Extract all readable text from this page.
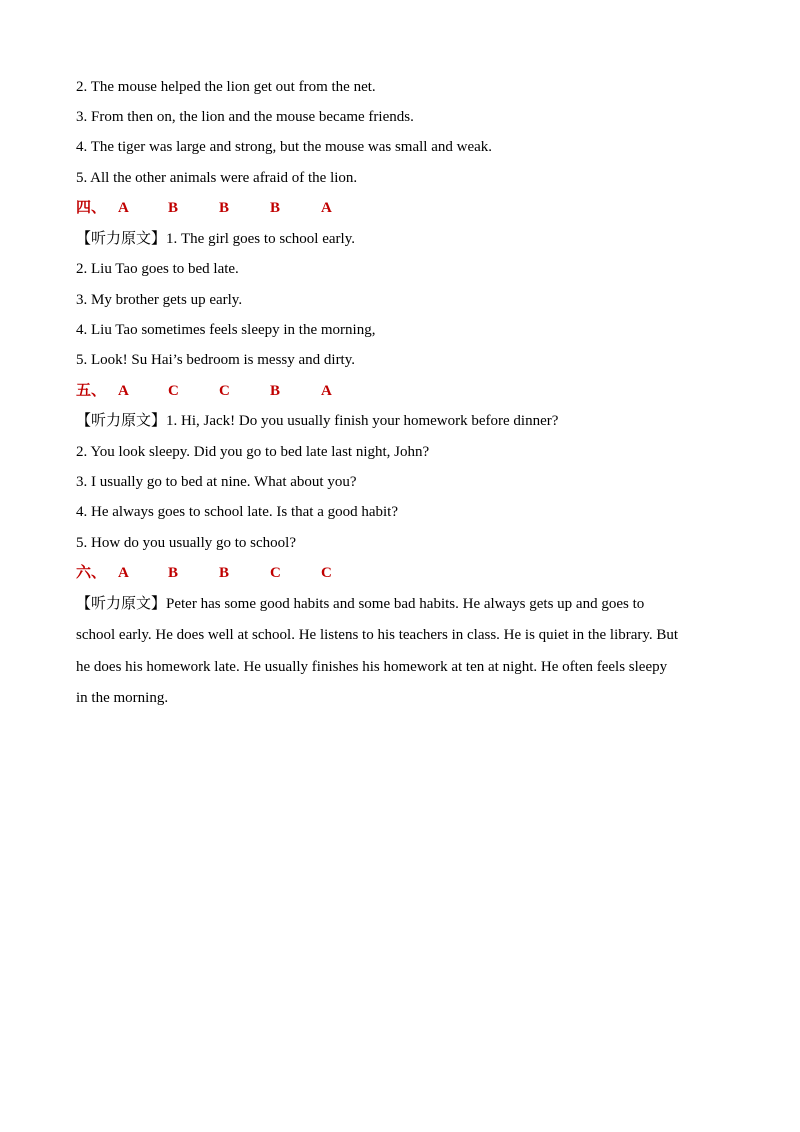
2. The mouse helped the lion get out from the net.
3. From then on, the lion and the mouse became friends.
4. The tiger was large and strong, but the mouse was small and weak.
5. All the other animals were afraid of the lion.
四、 A	B	B	B	A
【听力原文】1. The girl goes to school early.
2. Liu Tao goes to bed late.
3. My brother gets up early.
4. Liu Tao sometimes feels sleepy in the morning,
5. Look! Su Hai’s bedroom is messy and dirty.
五、 A	C	C	B	A
【听力原文】1. Hi, Jack! Do you usually finish your homework before dinner?
2. You look sleepy. Did you go to bed late last night, John?
3. I usually go to bed at nine. What about you?
4. He always goes to school late. Is that a good habit?
5. How do you usually go to school?
六、 A	B	B	C	C
【听力原文】Peter has some good habits and some bad habits. He always gets up and goes to
school early. He does well at school. He listens to his teachers in class. He is quiet in the library. But
he does his homework late. He usually finishes his homework at ten at night. He often feels sleepy
in the morning.
